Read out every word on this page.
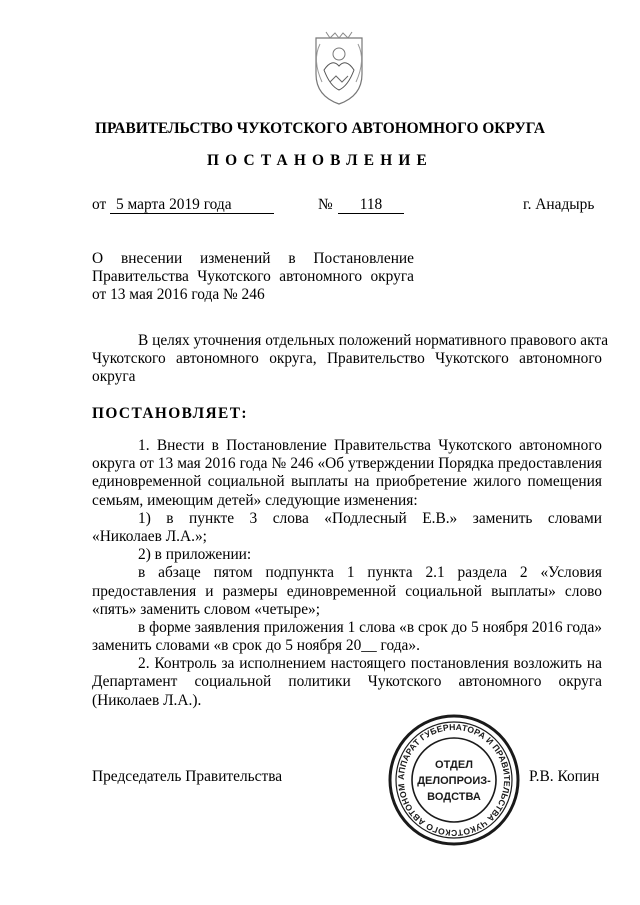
ПРАВИТЕЛЬСТВО ЧУКОТСКОГО АВТОНОМНОГО ОКРУГА
ПОСТАНОВЛЕНИЕ
от 5 марта 2019 года	№	118	г. Анадырь
О внесении изменений в Постановление
Правительства Чукотского автономного округа
от 13 мая 2016 года № 246
В целях уточнения отдельных положений нормативного правового акта
Чукотского автономного округа, Правительство Чукотского автономного
округа
ПОСТАНОВЛЯЕТ:
1. Внести в Постановление Правительства Чукотского автономного
округа от 13 мая 2016 года № 246 «Об утверждении Порядка предоставления
единовременной социальной выплаты на приобретение жилого помещения
семьям, имеющим детей» следующие изменения:
1) в пункте 3 слова «Подлесный Е.В.» заменить словами
«Николаев Л.А.»;
2) в приложении:
в абзаце пятом подпункта 1 пункта 2.1 раздела 2 «Условия
предоставления и размеры единовременной социальной выплаты» слово
«пять» заменить словом «четыре»;
в форме заявления приложения 1 слова «в срок до 5 ноября 2016 года»
заменить словами «в срок до 5 ноября 20__ года».
2. Контроль за исполнением настоящего постановления возложить на
Департамент социальной политики Чукотского автономного округа
(Николаев Л.А.).
Председатель Правительства	Р.В. Копин
АППАРАТ ГУБЕРНАТОРА И ПРАВИТЕЛЬСТВА ЧУКОТСКОГО АВТОНОМ
ОТДЕЛ
ДЕЛОПРОИЗ-
ВОДСТВА
